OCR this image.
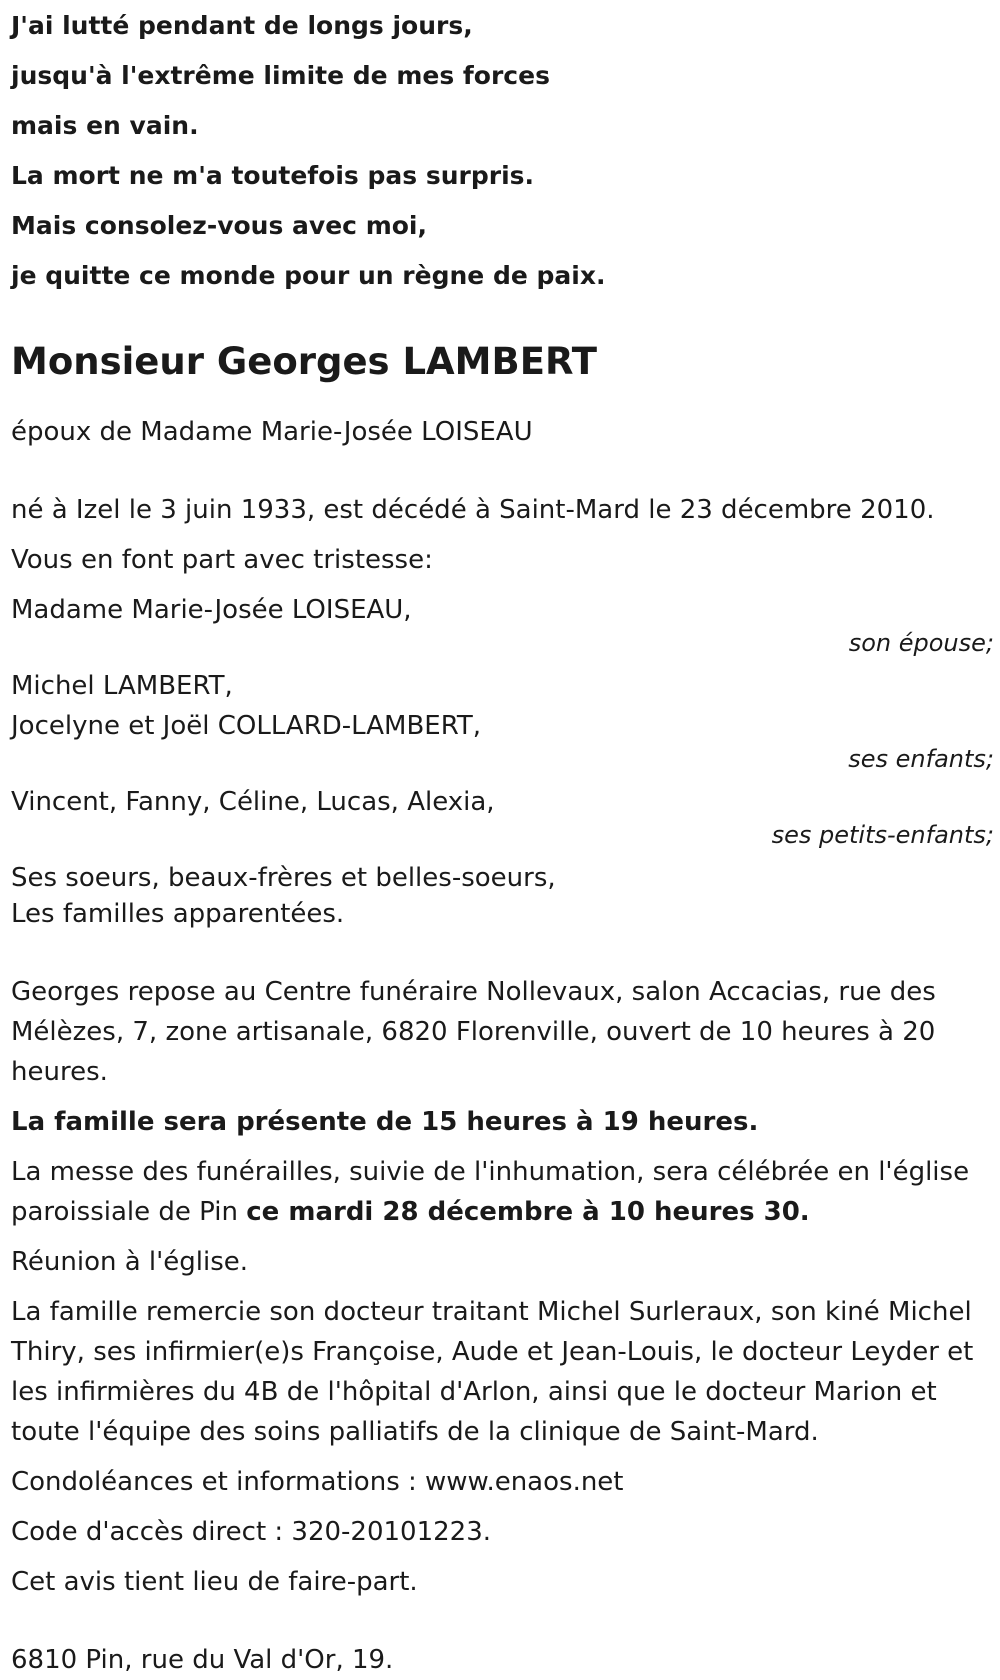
J'ai lutté pendant de longs jours,
jusqu'à l'extrême limite de mes forces
mais en vain.
La mort ne m'a toutefois pas surpris.
Mais consolez-vous avec moi,
je quitte ce monde pour un règne de paix.
Monsieur Georges LAMBERT
époux de Madame Marie-Josée LOISEAU
né à Izel le 3 juin 1933, est décédé à Saint-Mard le 23 décembre 2010.
Vous en font part avec tristesse:
Madame Marie-Josée LOISEAU,
son épouse;
Michel LAMBERT,
Jocelyne et Joël COLLARD-LAMBERT,
ses enfants;
Vincent, Fanny, Céline, Lucas, Alexia,
ses petits-enfants;
Ses soeurs, beaux-frères et belles-soeurs,
Les familles apparentées.
Georges repose au Centre funéraire Nollevaux, salon Accacias, rue des Mélèzes, 7, zone artisanale, 6820 Florenville, ouvert de 10 heures à 20 heures.
La famille sera présente de 15 heures à 19 heures.
La messe des funérailles, suivie de l'inhumation, sera célébrée en l'église paroissiale de Pin ce mardi 28 décembre à 10 heures 30.
Réunion à l'église.
La famille remercie son docteur traitant Michel Surleraux, son kiné Michel Thiry, ses infirmier(e)s Françoise, Aude et Jean-Louis, le docteur Leyder et les infirmières du 4B de l'hôpital d'Arlon, ainsi que le docteur Marion et toute l'équipe des soins palliatifs de la clinique de Saint-Mard.
Condoléances et informations : www.enaos.net
Code d'accès direct : 320-20101223.
Cet avis tient lieu de faire-part.
6810 Pin, rue du Val d'Or, 19.
